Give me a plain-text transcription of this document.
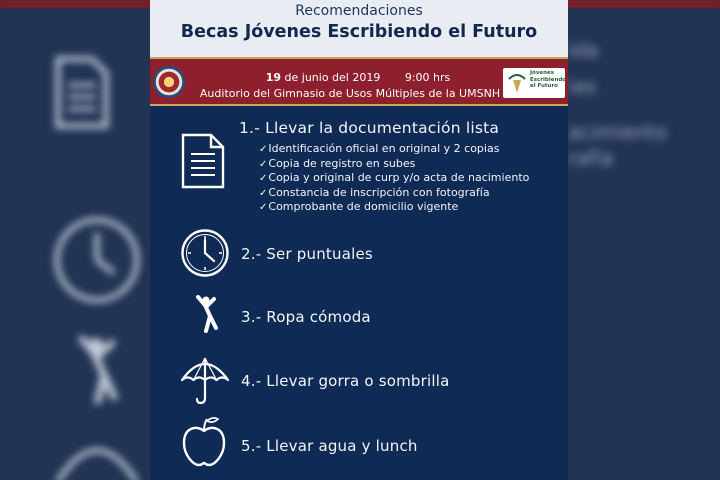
ida
ias
acimiento
rafía
Recomendaciones
Becas Jóvenes Escribiendo el Futuro
19 de junio del 2019 9:00 hrs
Auditorio del Gimnasio de Usos Múltiples de la UMSNH
Jóvenes
Escribiendo
el Futuro
1.- Llevar la documentación lista
✓ Identificación oficial en original y 2 copias
✓ Copia de registro en subes
✓ Copia y original de curp y/o acta de nacimiento
✓ Constancia de inscripción con fotografía
✓ Comprobante de domicilio vigente
2.- Ser puntuales
3.- Ropa cómoda
4.- Llevar gorra o sombrilla
5.- Llevar agua y lunch
